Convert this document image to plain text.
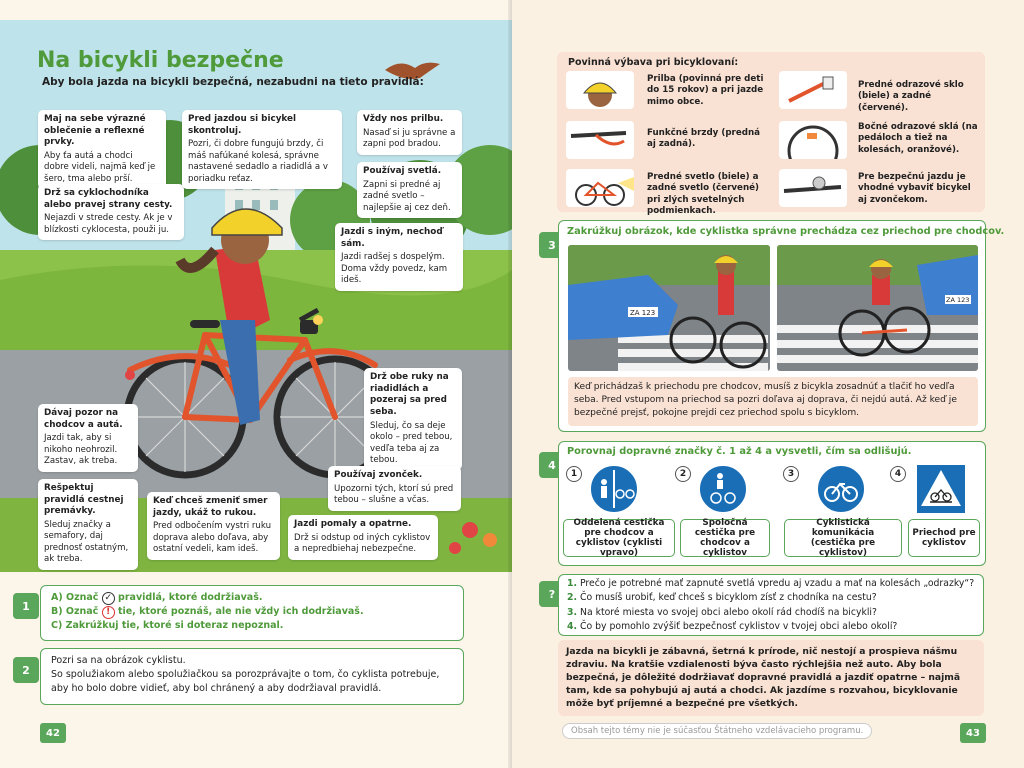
Na bicykli bezpečne
Aby bola jazda na bicykli bezpečná, nezabudni na tieto pravidlá:
Maj na sebe výrazné oblečenie a reflexné prvky.
Aby ťa autá a chodci dobre videli, najmä keď je šero, tma alebo prší.
Drž sa cyklochodníka alebo pravej strany cesty.
Nejazdi v strede cesty. Ak je v blízkosti cyklocesta, použi ju.
Pred jazdou si bicykel skontroluj.
Pozri, či dobre fungujú brzdy, či máš nafúkané kolesá, správne nastavené sedadlo a riadidlá a v poriadku reťaz.
Vždy nos prilbu.
Nasaď si ju správne a zapni pod bradou.
Používaj svetlá.
Zapni si predné aj zadné svetlo – najlepšie aj cez deň.
Jazdi s iným, nechoď sám.
Jazdi radšej s dospelým. Doma vždy povedz, kam ideš.
Drž obe ruky na riadidlách a pozeraj sa pred seba.
Sleduj, čo sa deje okolo – pred tebou, vedľa teba aj za tebou.
Dávaj pozor na chodcov a autá.
Jazdi tak, aby si nikoho neohrozil. Zastav, ak treba.
Rešpektuj pravidlá cestnej premávky.
Sleduj značky a semafory, daj prednosť ostatným, ak treba.
Keď chceš zmeniť smer jazdy, ukáž to rukou.
Pred odbočením vystri ruku doprava alebo doľava, aby ostatní vedeli, kam ideš.
Používaj zvonček.
Upozorni tých, ktorí sú pred tebou – slušne a včas.
Jazdi pomaly a opatrne.
Drž si odstup od iných cyklistov a nepredbiehaj nebezpečne.
1
A) Označ ✓ pravidlá, ktoré dodržiavaš.
B) Označ ! tie, ktoré poznáš, ale nie vždy ich dodržiavaš.
C) Zakrúžkuj tie, ktoré si doteraz nepoznal.
2
Pozri sa na obrázok cyklistu.
So spolužiakom alebo spolužiačkou sa porozprávajte o tom, čo cyklista potrebuje, aby ho bolo dobre vidieť, aby bol chránený a aby dodržiaval pravidlá.
42
Povinná výbava pri bicyklovaní:
Prilba (povinná pre deti do 15 rokov) a pri jazde mimo obce.
Predné odrazové sklo (biele) a zadné (červené).
Funkčné brzdy (predná aj zadná).
Bočné odrazové sklá (na pedáloch a tiež na kolesách, oranžové).
Predné svetlo (biele) a zadné svetlo (červené) pri zlých svetelných podmienkach.
Pre bezpečnú jazdu je vhodné vybaviť bicykel aj zvončekom.
3
Zakrúžkuj obrázok, kde cyklistka správne prechádza cez priechod pre chodcov.
ZA 123
ZA 123
Keď prichádzaš k priechodu pre chodcov, musíš z bicykla zosadnúť a tlačiť ho vedľa seba. Pred vstupom na priechod sa pozri doľava aj doprava, či nejdú autá. Až keď je bezpečné prejsť, pokojne prejdi cez priechod spolu s bicyklom.
4
Porovnaj dopravné značky č. 1 až 4 a vysvetli, čím sa odlišujú.
1
Oddelená cestička pre chodcov a cyklistov (cyklisti vpravo)
2
Spoločná cestička pre chodcov a cyklistov
3
Cyklistická komunikácia (cestička pre cyklistov)
4
Priechod pre cyklistov
?
1. Prečo je potrebné mať zapnuté svetlá vpredu aj vzadu a mať na kolesách „odrazky“?
2. Čo musíš urobiť, keď chceš s bicyklom zísť z chodníka na cestu?
3. Na ktoré miesta vo svojej obci alebo okolí rád chodíš na bicykli?
4. Čo by pomohlo zvýšiť bezpečnosť cyklistov v tvojej obci alebo okolí?
Jazda na bicykli je zábavná, šetrná k prírode, nič nestojí a prospieva nášmu zdraviu. Na kratšie vzdialenosti býva často rýchlejšia než auto. Aby bola bezpečná, je dôležité dodržiavať dopravné pravidlá a jazdiť opatrne – najmä tam, kde sa pohybujú aj autá a chodci. Ak jazdíme s rozvahou, bicyklovanie môže byť príjemné a bezpečné pre všetkých.
Obsah tejto témy nie je súčasťou Štátneho vzdelávacieho programu.	43
